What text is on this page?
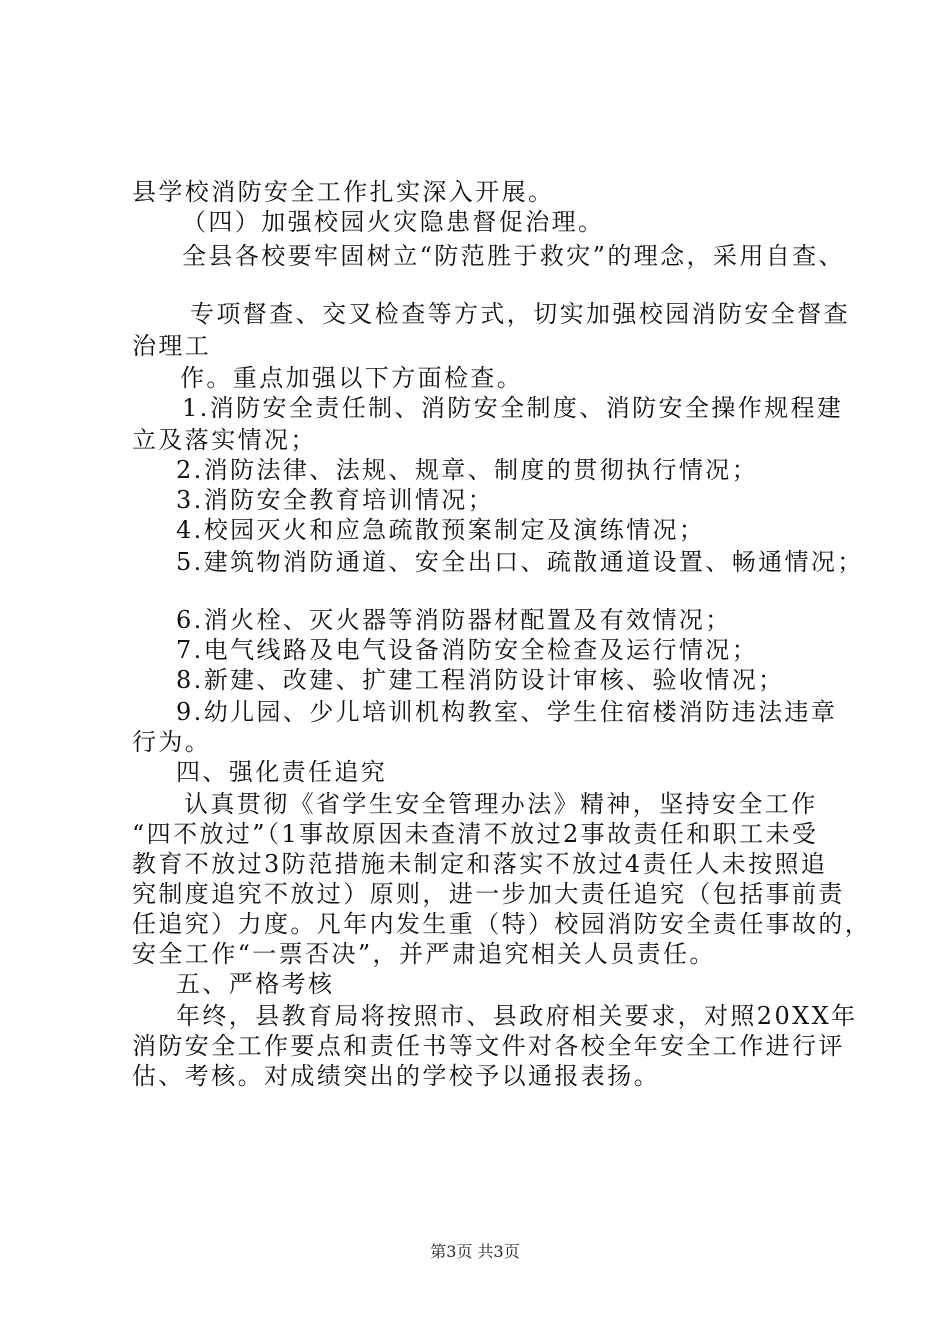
县学校消防安全工作扎实深入开展。
（四）加强校园火灾隐患督促治理。
全县各校要牢固树立“防范胜于救灾”的理念，采用自查、
专项督查、交叉检查等方式，切实加强校园消防安全督查
治理工
作。重点加强以下方面检查。
1.消防安全责任制、消防安全制度、消防安全操作规程建
立及落实情况；
2.消防法律、法规、规章、制度的贯彻执行情况；
3.消防安全教育培训情况；
4.校园灭火和应急疏散预案制定及演练情况；
5.建筑物消防通道、安全出口、疏散通道设置、畅通情况；
6.消火栓、灭火器等消防器材配置及有效情况；
7.电气线路及电气设备消防安全检查及运行情况；
8.新建、改建、扩建工程消防设计审核、验收情况；
9.幼儿园、少儿培训机构教室、学生住宿楼消防违法违章
行为。
四、强化责任追究
认真贯彻《省学生安全管理办法》精神，坚持安全工作
“四不放过”（1事故原因未查清不放过2事故责任和职工未受
教育不放过3防范措施未制定和落实不放过4责任人未按照追
究制度追究不放过）原则，进一步加大责任追究（包括事前责
任追究）力度。凡年内发生重（特）校园消防安全责任事故的，
安全工作“一票否决”，并严肃追究相关人员责任。
五、严格考核
年终，县教育局将按照市、县政府相关要求，对照20XX年
消防安全工作要点和责任书等文件对各校全年安全工作进行评
估、考核。对成绩突出的学校予以通报表扬。
第3页 共3页
